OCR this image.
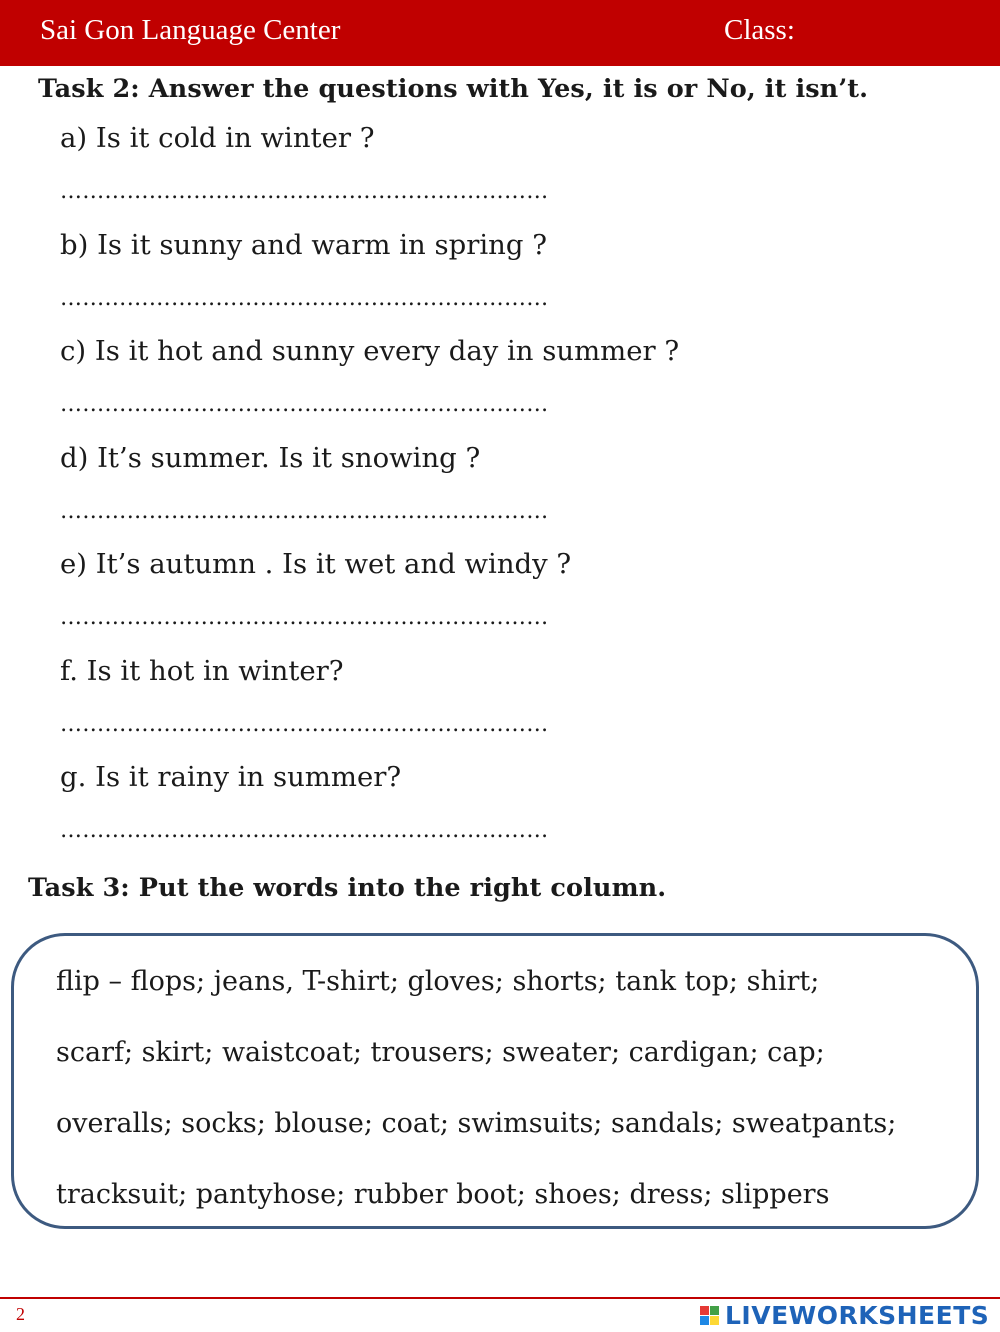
Sai Gon Language Center	Class:
Task 2: Answer the questions with Yes, it is or No, it isn’t.
a) Is it cold in winter ?
…………………………………………………………
b) Is it sunny and warm in spring ?
…………………………………………………………
c) Is it hot and sunny every day in summer ?
…………………………………………………………
d) It’s summer. Is it snowing ?
…………………………………………………………
e) It’s autumn . Is it wet and windy ?
…………………………………………………………
f. Is it hot in winter?
…………………………………………………………
g. Is it rainy in summer?
…………………………………………………………
Task 3: Put the words into the right column.
flip – flops; jeans, T-shirt; gloves; shorts; tank top; shirt;
scarf; skirt; waistcoat; trousers; sweater; cardigan; cap;
overalls; socks; blouse; coat; swimsuits; sandals; sweatpants;
tracksuit; pantyhose; rubber boot; shoes; dress; slippers
2	LIVEWORKSHEETS
